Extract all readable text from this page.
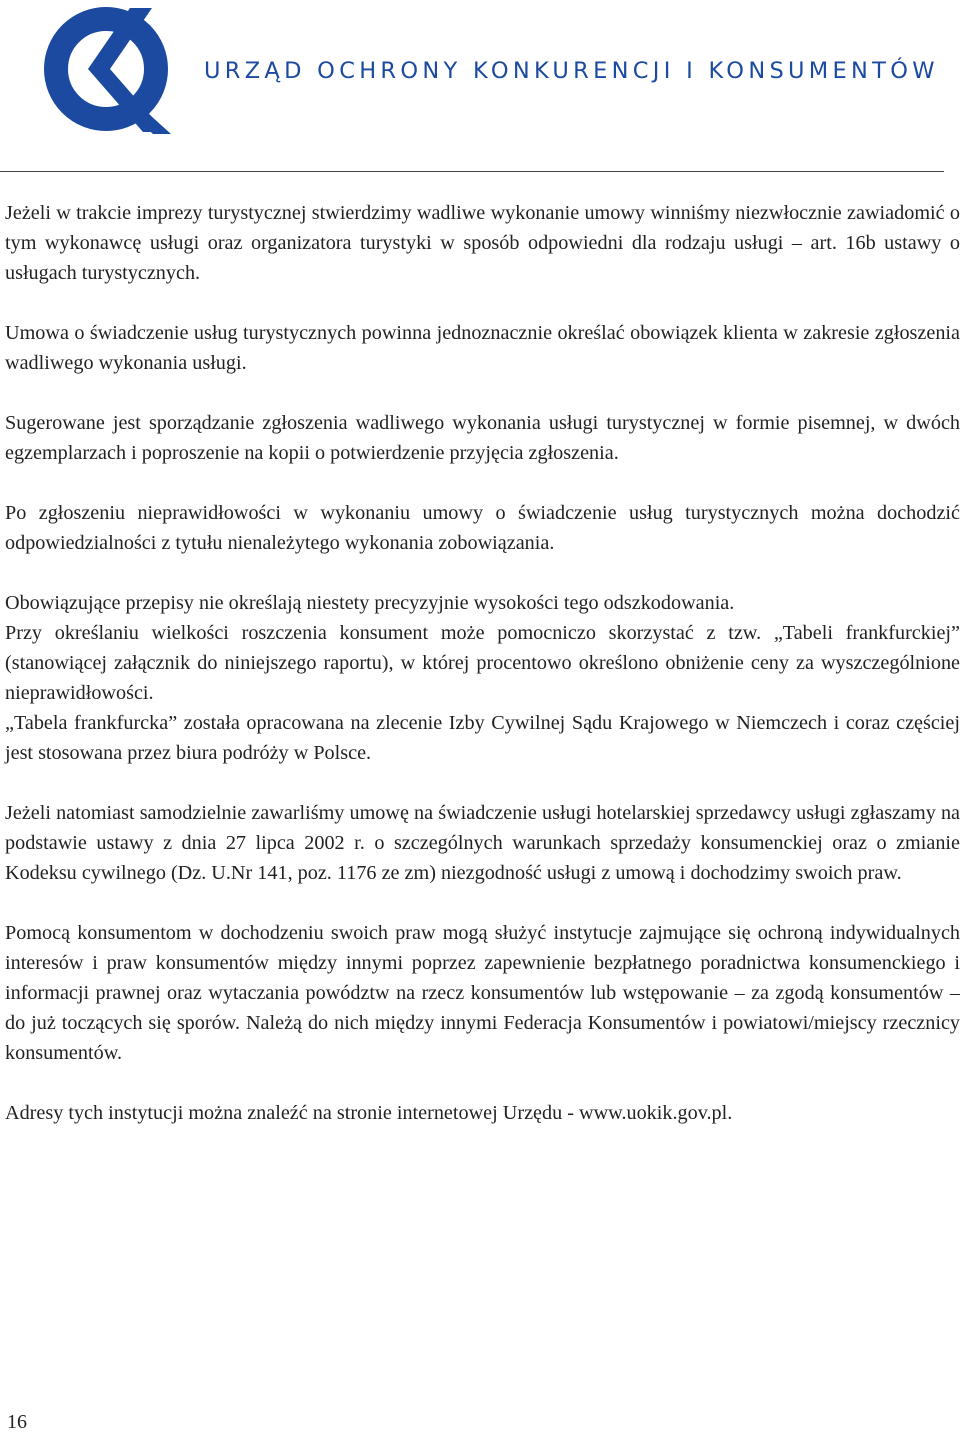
URZĄD OCHRONY KONKURENCJI I KONSUMENTÓW

Jeżeli w trakcie imprezy turystycznej stwierdzimy wadliwe wykonanie umowy winniśmy niezwłocznie zawiadomić o tym wykonawcę usługi oraz organizatora turystyki w sposób odpowiedni dla rodzaju usługi – art. 16b ustawy o usługach turystycznych.

Umowa o świadczenie usług turystycznych powinna jednoznacznie określać obowiązek klienta w zakresie zgłoszenia wadliwego wykonania usługi.

Sugerowane jest sporządzanie zgłoszenia wadliwego wykonania usługi turystycznej w formie pisemnej, w dwóch egzemplarzach i poproszenie na kopii o potwierdzenie przyjęcia zgłoszenia.

Po zgłoszeniu nieprawidłowości w wykonaniu umowy o świadczenie usług turystycznych można dochodzić odpowiedzialności z tytułu nienależytego wykonania zobowiązania.

Obowiązujące przepisy nie określają niestety precyzyjnie wysokości tego odszkodowania.

Przy określaniu wielkości roszczenia konsument może pomocniczo skorzystać z tzw. „Tabeli frankfurckiej” (stanowiącej załącznik do niniejszego raportu), w której procentowo określono obniżenie ceny za wyszczególnione nieprawidłowości.

„Tabela frankfurcka” została opracowana na zlecenie Izby Cywilnej Sądu Krajowego w Niemczech i coraz częściej jest stosowana przez biura podróży w Polsce.

Jeżeli natomiast samodzielnie zawarliśmy umowę na świadczenie usługi hotelarskiej sprzedawcy usługi zgłaszamy na podstawie ustawy z dnia 27 lipca 2002 r. o szczególnych warunkach sprzedaży konsumenckiej oraz o zmianie Kodeksu cywilnego (Dz. U.Nr 141, poz. 1176 ze zm) niezgodność usługi z umową i dochodzimy swoich praw.

Pomocą konsumentom w dochodzeniu swoich praw mogą służyć instytucje zajmujące się ochroną indywidualnych interesów i praw konsumentów między innymi poprzez zapewnienie bezpłatnego poradnictwa konsumenckiego i informacji prawnej oraz wytaczania powództw na rzecz konsumentów lub wstępowanie – za zgodą konsumentów – do już toczących się sporów. Należą do nich między innymi Federacja Konsumentów i powiatowi/miejscy rzecznicy konsumentów.

Adresy tych instytucji można znaleźć na stronie internetowej Urzędu - www.uokik.gov.pl.

16
